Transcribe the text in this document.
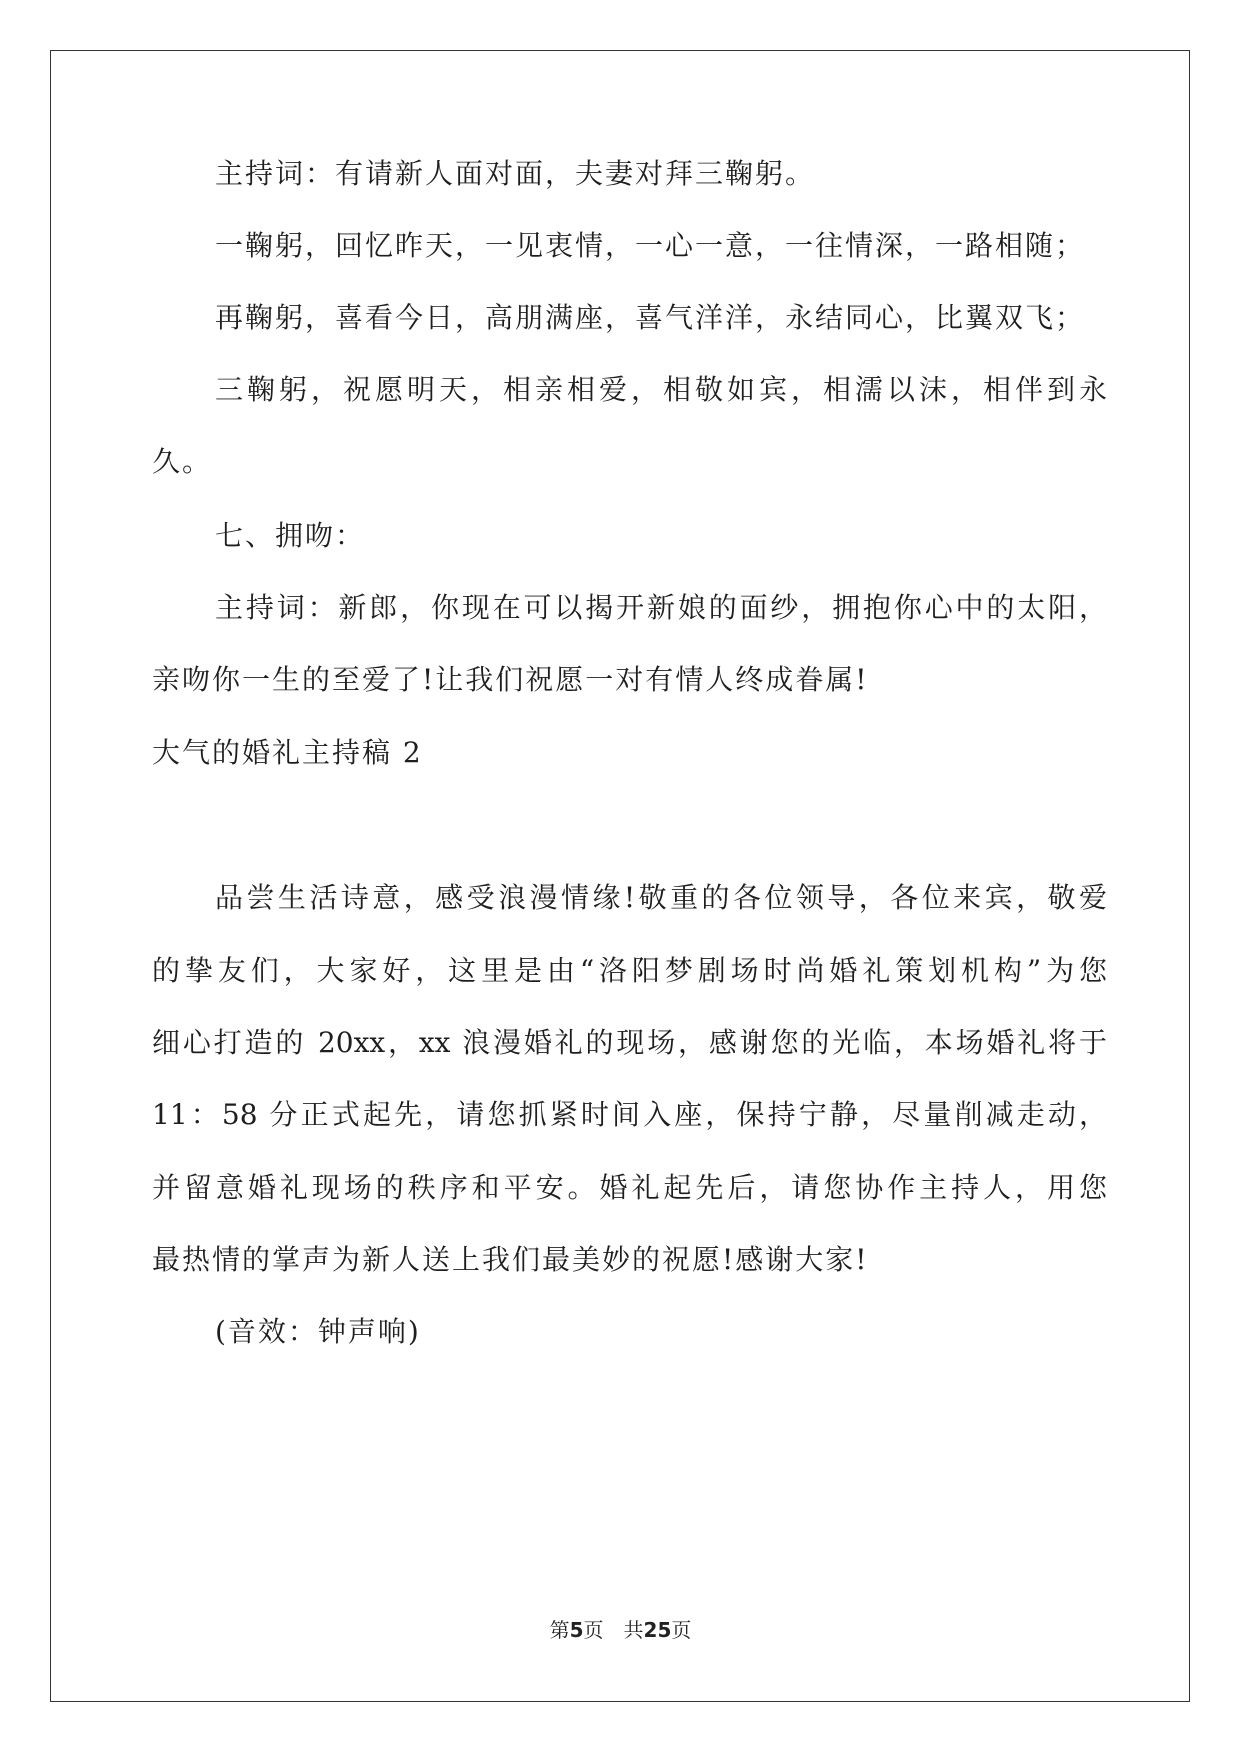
主持词：有请新人面对面，夫妻对拜三鞠躬。
一鞠躬，回忆昨天，一见衷情，一心一意，一往情深，一路相随；
再鞠躬，喜看今日，高朋满座，喜气洋洋，永结同心，比翼双飞；
三鞠躬，祝愿明天，相亲相爱，相敬如宾，相濡以沫，相伴到永
久。
七、拥吻：
主持词：新郎，你现在可以揭开新娘的面纱，拥抱你心中的太阳，
亲吻你一生的至爱了!让我们祝愿一对有情人终成眷属!
大气的婚礼主持稿 2
品尝生活诗意，感受浪漫情缘!敬重的各位领导，各位来宾，敬爱
的挚友们，大家好，这里是由“洛阳梦剧场时尚婚礼策划机构”为您
细心打造的 20xx，xx 浪漫婚礼的现场，感谢您的光临，本场婚礼将于
11：58 分正式起先，请您抓紧时间入座，保持宁静，尽量削减走动，
并留意婚礼现场的秩序和平安。婚礼起先后，请您协作主持人，用您
最热情的掌声为新人送上我们最美妙的祝愿!感谢大家!
(音效：钟声响)
第5页　共25页
